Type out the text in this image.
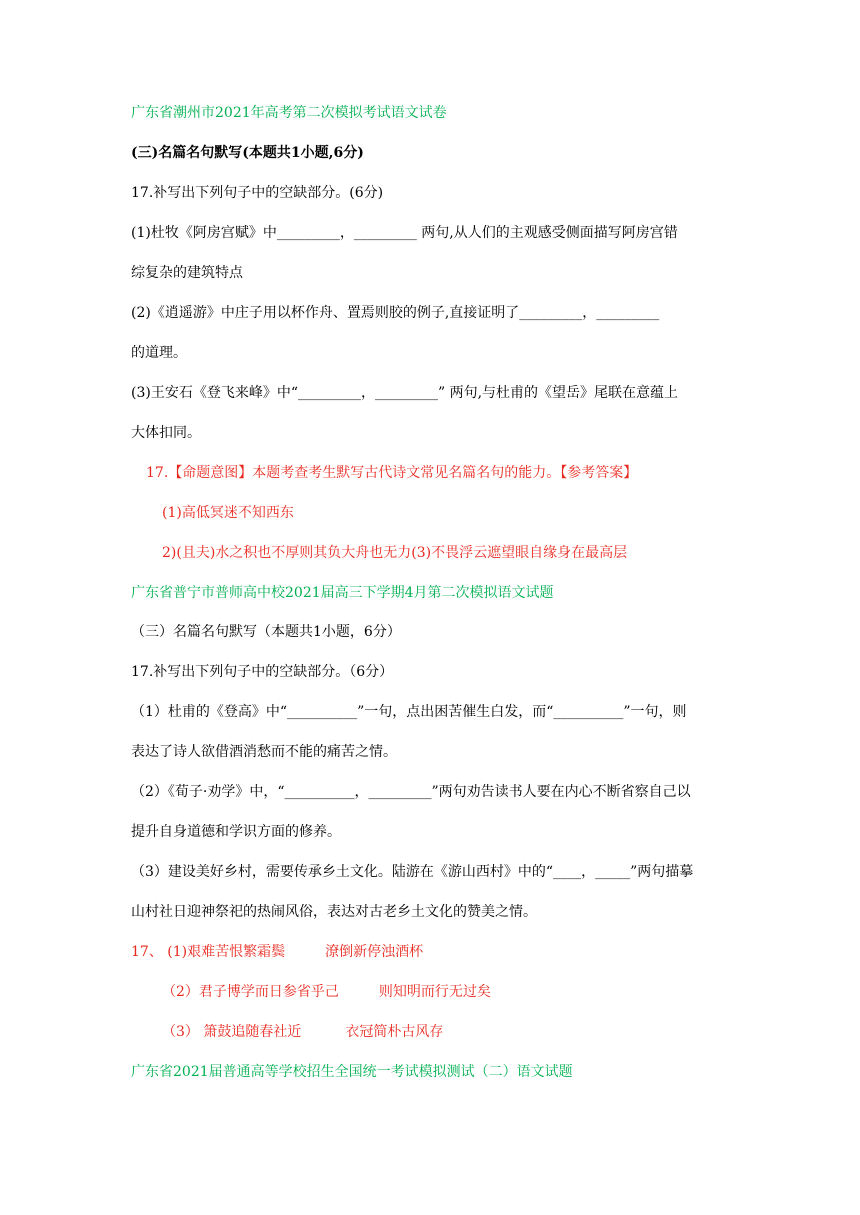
广东省潮州市2021年高考第二次模拟考试语文试卷
(三)名篇名句默写(本题共1小题,6分)
17.补写出下列句子中的空缺部分。(6分)
(1)杜牧《阿房宫赋》中_________，_________ 两句,从人们的主观感受侧面描写阿房宫错
综复杂的建筑特点
(2)《逍遥游》中庄子用以杯作舟、置焉则胶的例子,直接证明了_________，_________
的道理。
(3)王安石《登飞来峰》中“_________，_________” 两句,与杜甫的《望岳》尾联在意蕴上
大体扣同。
17.【命题意图】本题考查考生默写古代诗文常见名篇名句的能力。【参考答案】
(1)高低冥迷不知西东
2)(且夫)水之积也不厚则其负大舟也无力(3)不畏浮云遮望眼自缘身在最高层
广东省普宁市普师高中校2021届高三下学期4月第二次模拟语文试题
（三）名篇名句默写（本题共1小题，6分）
17.补写出下列句子中的空缺部分。（6分）
（1）杜甫的《登高》中“__________”一句，点出困苦催生白发，而“__________”一句，则
表达了诗人欲借酒消愁而不能的痛苦之情。
（2）《荀子·劝学》中，“__________，_________”两句劝告读书人要在内心不断省察自己以
提升自身道德和学识方面的修养。
（3）建设美好乡村，需要传承乡土文化。陆游在《游山西村》中的“____，_____”两句描摹
山村社日迎神祭祀的热闹风俗，表达对古老乡土文化的赞美之情。
17、 (1)艰难苦恨繁霜鬓	潦倒新停浊酒杯
（2）君子博学而日参省乎己	则知明而行无过矣
（3） 箫鼓追随春社近	衣冠简朴古风存
广东省2021届普通高等学校招生全国统一考试模拟测试（二）语文试题
